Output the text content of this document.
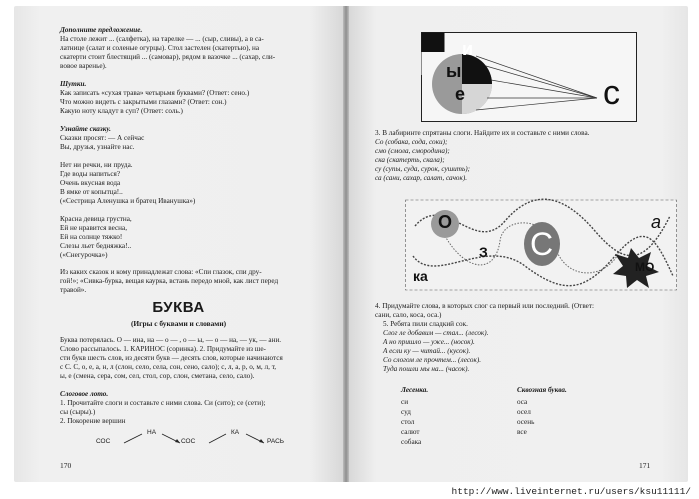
Дополните предложение.
На столе лежит ... (салфетка), на тарелке — ... (сыр, сливы), а в са-
латнице (салат и соленые огурцы). Стол застелен (скатертью), на
скатерти стоит блестящий ... (самовар), рядом в вазочке ... (сахар, сли-
вовое варенье).
Шутки.
Как записать «сухая трава» четырьмя буквами? (Ответ: сено.)
Что можно видеть с закрытыми глазами? (Ответ: сон.)
Какую ноту кладут в суп? (Ответ: соль.)
Узнайте сказку.
Сказки просят: — А сейчас
Вы, друзья, узнайте нас.
Нет ни речки, ни пруда.
Где воды напиться?
Очень вкусная вода
В ямке от копытца!..
(«Сестрица Аленушка и братец Иванушка»)
Красна девица грустна,
Ей не нравится весна,
Ей на солнце тяжко!
Слезы льет бедняжка!..
(«Снегурочка»)
Из каких сказок и кому принадлежат слова: «Спи глазок, спи дру-
гой!»; «Сивка-бурка, вещая каурка, встань передо мной, как лист перед
травой».
БУКВА
(Игры с буквами и словами)
Буква потерялась. О — ина, на — о — , о — ы, — о — на, — ук, — ани.
Слово рассыпалось. 1. КАРИНОС (соринка). 2. Придумайте из ше-
сти букв шесть слов, из десяти букв — десять слов, которые начинаются
с С. С, о, е, а, н, л (слон, село, села, сон, сено, сало); с, л, а, р, о, м, л, т,
ы, е (смена, сера, сом, сел, стол, сор, слон, сметана, село, сало).
Слоговое лото.
1. Прочитайте слоги и составьте с ними слова. Си (сито); се (сети);
сы (сыры).)
2. Покорение вершин
СОС
НА
СОС
КА
РАСЬ
170
и
ы
е	с
3. В лабиринте спрятаны слоги. Найдите их и составьте с ними слова.
Со (собака, сода, соки);
смо (смола, смородина);
ска (скатерть, скала);
су (супы, суда, сурок, сушить);
са (сани, сахар, салат, сачок).
О
З С
а
ка
МО
4. Придумайте слова, в которых слог са первый или последний. (Ответ:
сани, сало, коса, оса.)
5. Ребята пили сладкий сок.
Слог ле добавим — стал... (лесок).
А но пришло — уже... (носок).
А если ку — читай... (кусок).
Со слогом ле прочтем... (лесок).
Туда пошли мы на... (часок).
Лесенка.
си
суд
стол
салют
собака
Сквозная буква.
оса
осел
осень
все
171
http://www.liveinternet.ru/users/ksu11111/
